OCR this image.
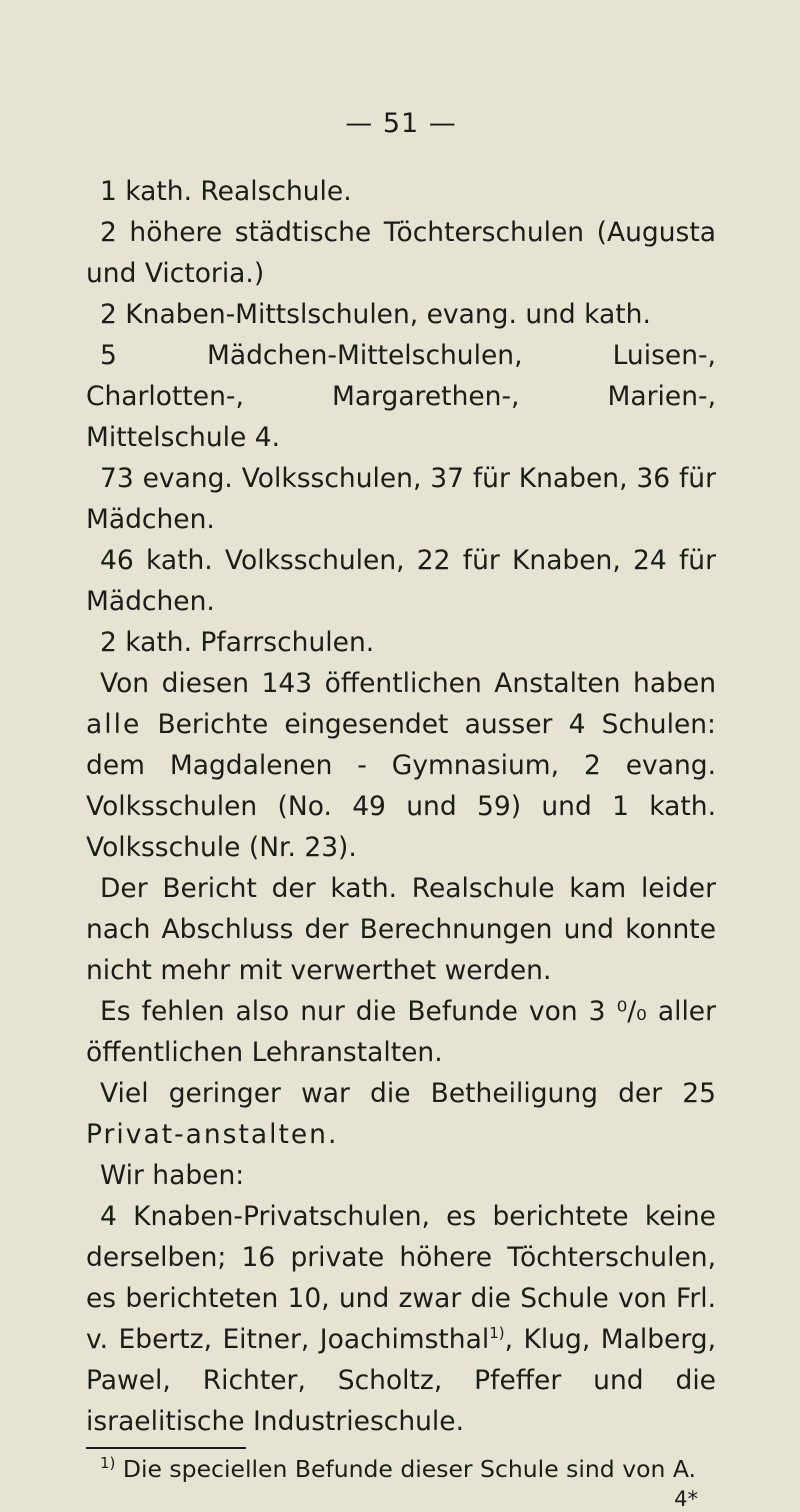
— 51 —

1 kath. Realschule.

2 höhere städtische Töchterschulen (Augusta und Victoria.)

2 Knaben-Mittslschulen, evang. und kath.

5 Mädchen-Mittelschulen, Luisen-, Charlotten-, Margarethen-, Marien-, Mittelschule 4.

73 evang. Volksschulen, 37 für Knaben, 36 für Mädchen.

46 kath. Volksschulen, 22 für Knaben, 24 für Mädchen.

2 kath. Pfarrschulen.

Von diesen 143 öffentlichen Anstalten haben alle Berichte eingesendet ausser 4 Schulen: dem Magdalenen - Gymnasium, 2 evang. Volksschulen (No. 49 und 59) und 1 kath. Volksschule (Nr. 23).

Der Bericht der kath. Realschule kam leider nach Abschluss der Berechnungen und konnte nicht mehr mit verwerthet werden.

Es fehlen also nur die Befunde von 3 ⁰/₀ aller öffentlichen Lehranstalten.

Viel geringer war die Betheiligung der 25 Privat-anstalten.

Wir haben:

4 Knaben-Privatschulen, es berichtete keine derselben; 16 private höhere Töchterschulen, es berichteten 10, und zwar die Schule von Frl. v. Ebertz, Eitner, Joachimsthal$^{1)}$, Klug, Malberg, Pawel, Richter, Scholtz, Pfeffer und die israelitische Industrieschule.

$^{1)}$ Die speciellen Befunde dieser Schule sind von A.

4*
